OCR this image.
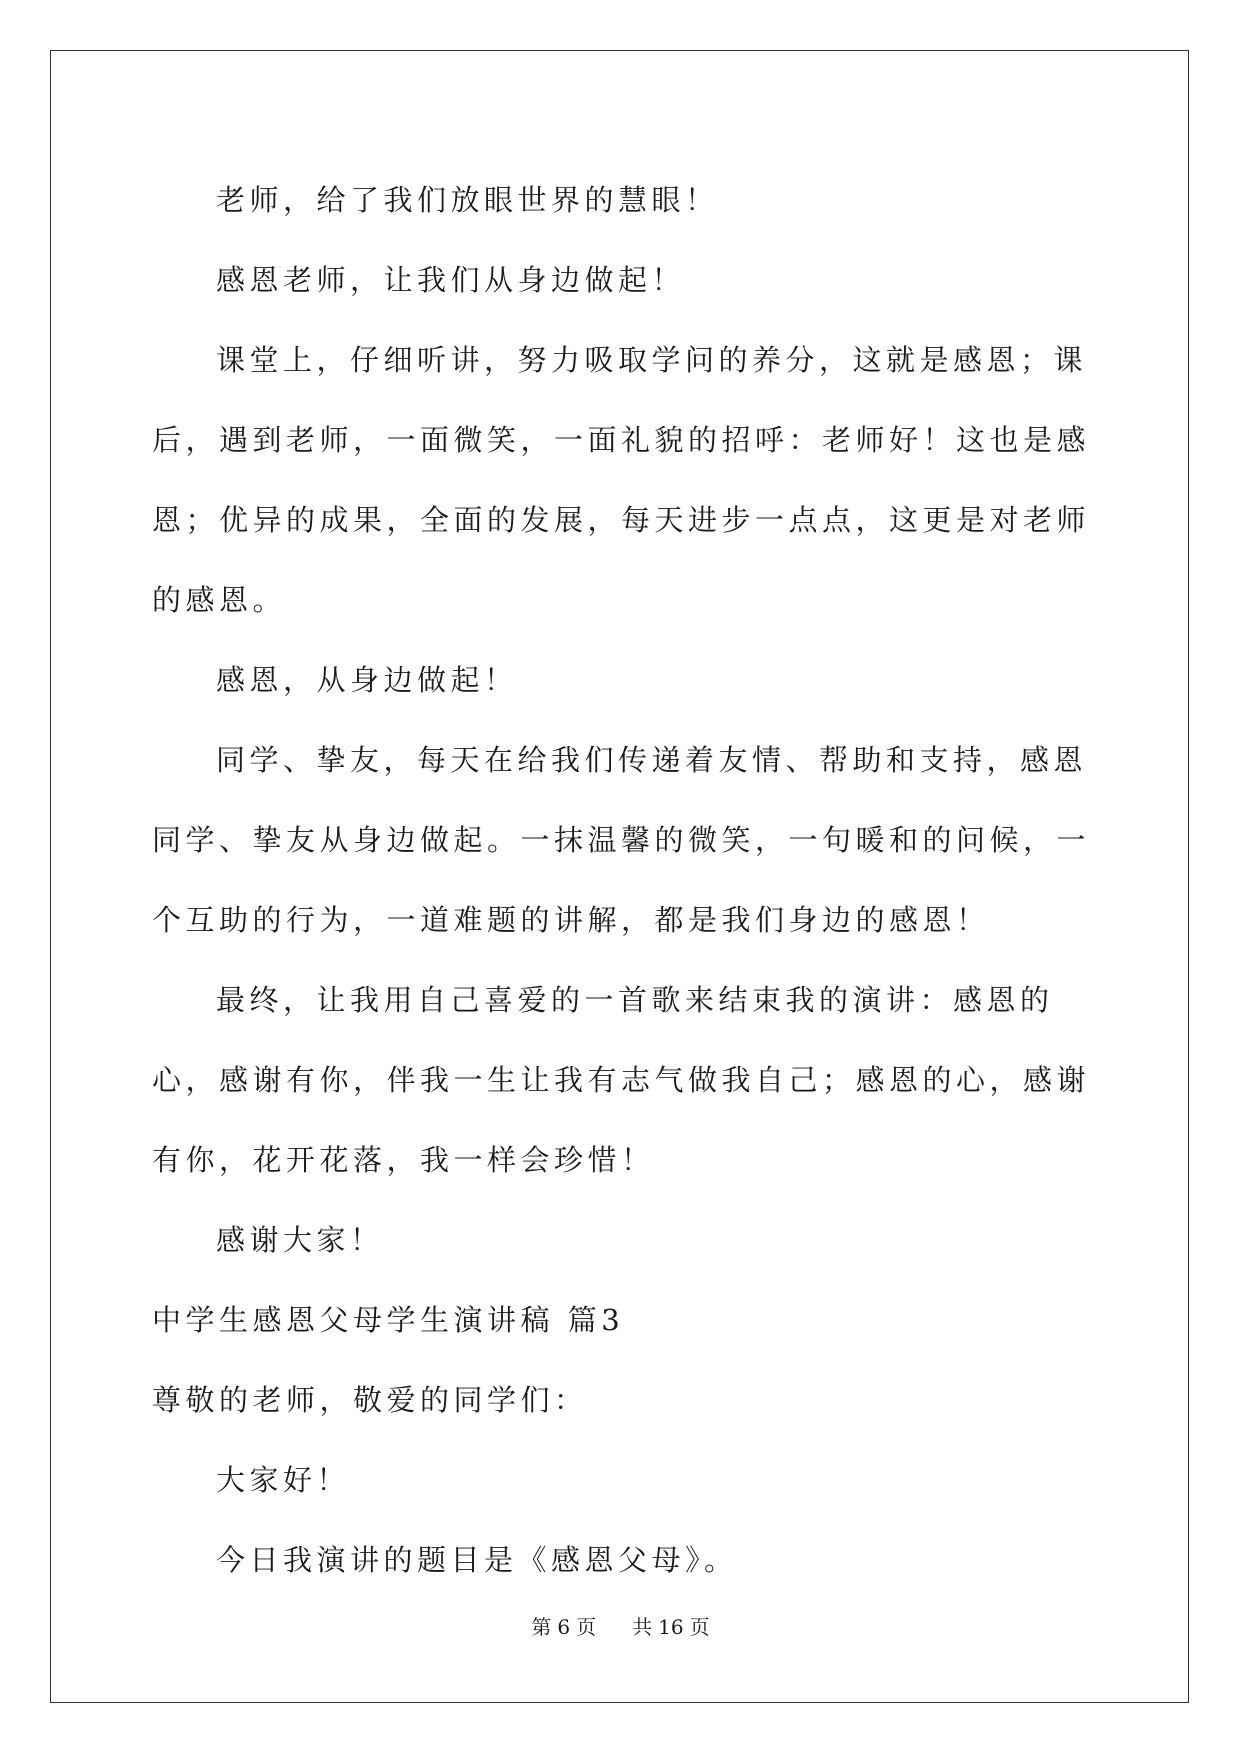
老师，给了我们放眼世界的慧眼！

感恩老师，让我们从身边做起！

课堂上，仔细听讲，努力吸取学问的养分，这就是感恩；课后，遇到老师，一面微笑，一面礼貌的招呼：老师好！这也是感恩；优异的成果，全面的发展，每天进步一点点，这更是对老师的感恩。

感恩，从身边做起！

同学、挚友，每天在给我们传递着友情、帮助和支持，感恩同学、挚友从身边做起。一抹温馨的微笑，一句暖和的问候，一个互助的行为，一道难题的讲解，都是我们身边的感恩！

最终，让我用自己喜爱的一首歌来结束我的演讲：感恩的心，感谢有你，伴我一生让我有志气做我自己；感恩的心，感谢有你，花开花落，我一样会珍惜！

感谢大家！

中学生感恩父母学生演讲稿 篇3

尊敬的老师，敬爱的同学们：

大家好！

今日我演讲的题目是《感恩父母》。

第 6 页 共 16 页
